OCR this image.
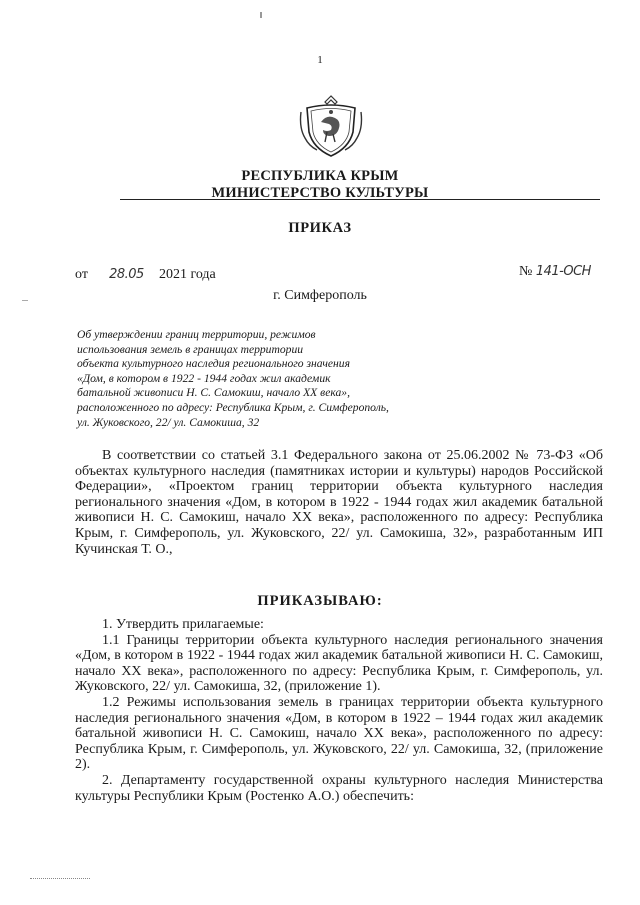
1
РЕСПУБЛИКА КРЫМ
МИНИСТЕРСТВО КУЛЬТУРЫ
ПРИКАЗ
от 28.05 2021 года	№ 141-ОСН
г. Симферополь
Об утверждении границ территории, режимов
использования земель в границах территории
объекта культурного наследия регионального значения
«Дом, в котором в 1922 - 1944 годах жил академик
батальной живописи Н. С. Самокиш, начало XX века»,
расположенного по адресу: Республика Крым, г. Симферополь,
ул. Жуковского, 22/ ул. Самокиша, 32

В соответствии со статьей 3.1 Федерального закона от 25.06.2002 № 73-ФЗ «Об объектах культурного наследия (памятниках истории и культуры) народов Российской Федерации», «Проектом границ территории объекта культурного наследия регионального значения «Дом, в котором в 1922 - 1944 годах жил академик батальной живописи Н. С. Самокиш, начало XX века», расположенного по адресу: Республика Крым, г. Симферополь, ул. Жуковского, 22/ ул. Самокиша, 32», разработанным ИП Кучинская Т. О.,

ПРИКАЗЫВАЮ:

1. Утвердить прилагаемые:

1.1 Границы территории объекта культурного наследия регионального значения «Дом, в котором в 1922 - 1944 годах жил академик батальной живописи Н. С. Самокиш, начало XX века», расположенного по адресу: Республика Крым, г. Симферополь, ул. Жуковского, 22/ ул. Самокиша, 32, (приложение 1).

1.2 Режимы использования земель в границах территории объекта культурного наследия регионального значения «Дом, в котором в 1922 – 1944 годах жил академик батальной живописи Н. С. Самокиш, начало XX века», расположенного по адресу: Республика Крым, г. Симферополь, ул. Жуковского, 22/ ул. Самокиша, 32, (приложение 2).

2. Департаменту государственной охраны культурного наследия Министерства культуры Республики Крым (Ростенко А.О.) обеспечить:
